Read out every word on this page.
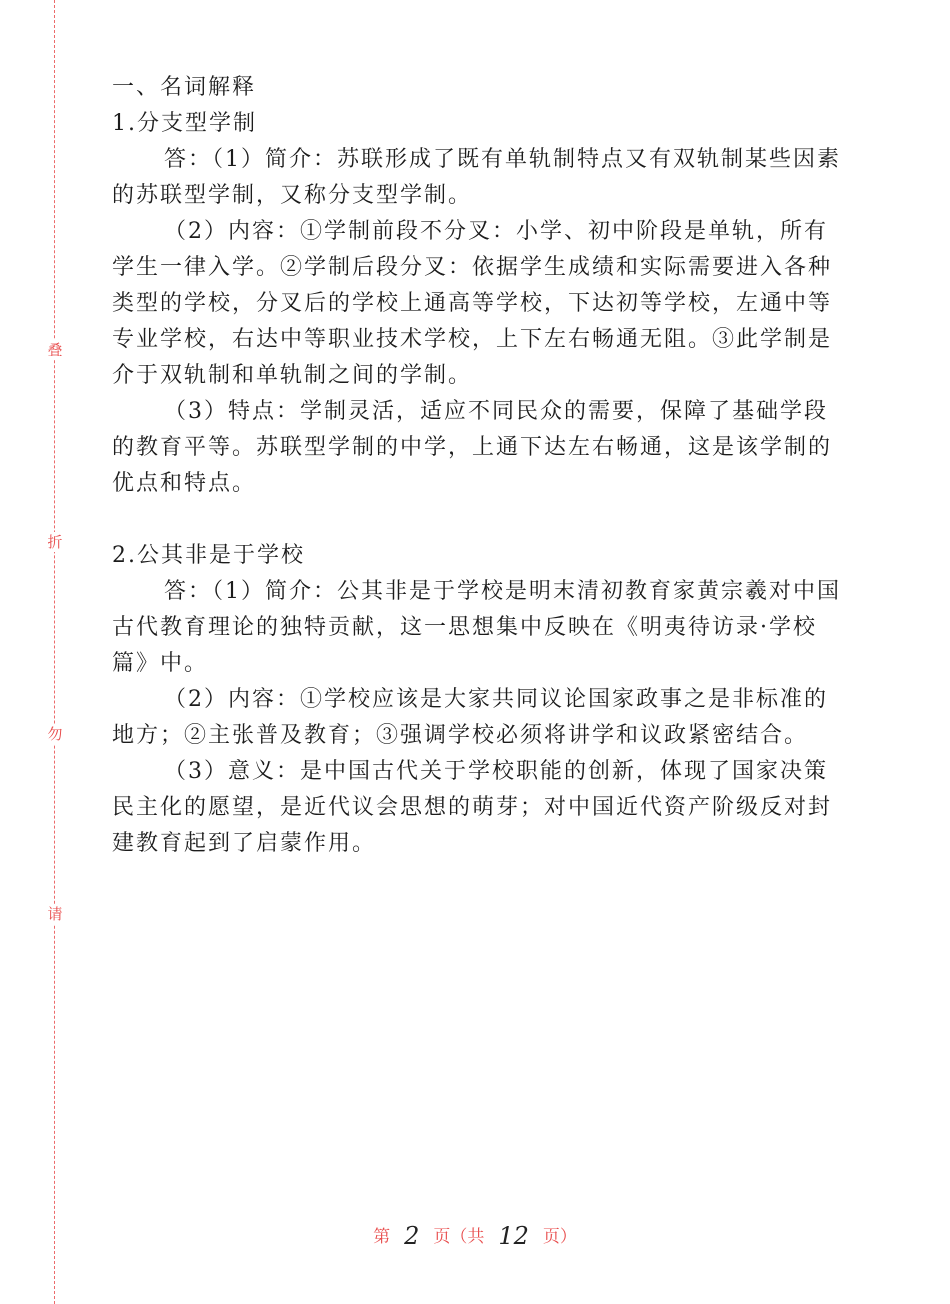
叠
折
勿
请

一、名词解释

1.分支型学制

答：（1）简介：苏联形成了既有单轨制特点又有双轨制某些因素的苏联型学制，又称分支型学制。

（2）内容：①学制前段不分叉：小学、初中阶段是单轨，所有学生一律入学。②学制后段分叉：依据学生成绩和实际需要进入各种类型的学校，分叉后的学校上通高等学校，下达初等学校，左通中等专业学校，右达中等职业技术学校，上下左右畅通无阻。③此学制是介于双轨制和单轨制之间的学制。

（3）特点：学制灵活，适应不同民众的需要，保障了基础学段的教育平等。苏联型学制的中学，上通下达左右畅通，这是该学制的优点和特点。

2.公其非是于学校

答：（1）简介：公其非是于学校是明末清初教育家黄宗羲对中国古代教育理论的独特贡献，这一思想集中反映在《明夷待访录·学校篇》中。

（2）内容：①学校应该是大家共同议论国家政事之是非标准的地方；②主张普及教育；③强调学校必须将讲学和议政紧密结合。

（3）意义：是中国古代关于学校职能的创新，体现了国家决策民主化的愿望，是近代议会思想的萌芽；对中国近代资产阶级反对封建教育起到了启蒙作用。

第 2 页（共 12 页）
